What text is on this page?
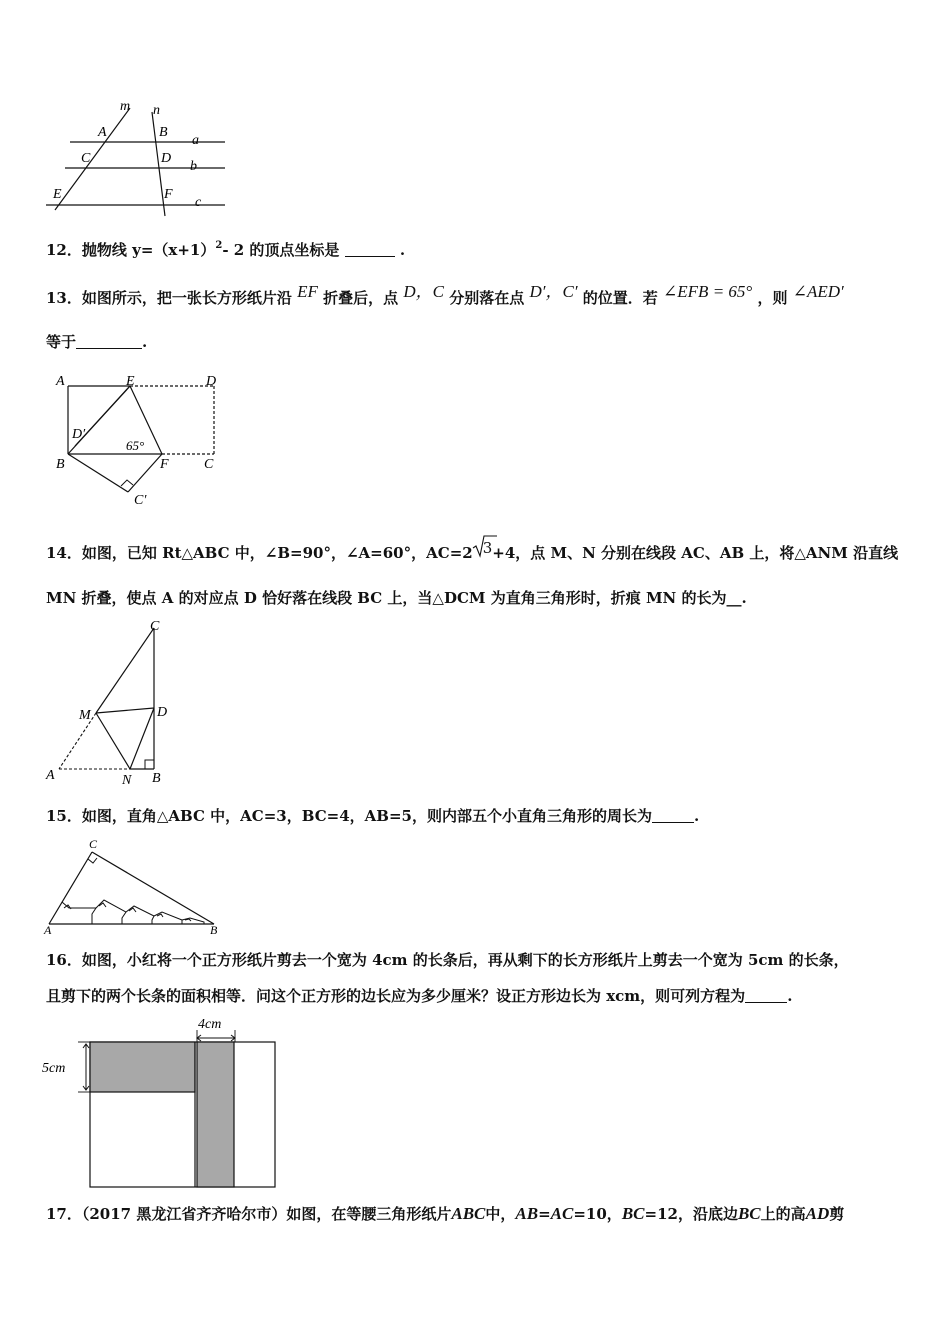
m n
A	B
a
C	D
b
E	F
c
12．抛物线 $y=(x+1)^2-$ 2 的顶点坐标是	.
13．如图所示，把一张长方形纸片沿 EF 折叠后，点 D，C 分别落在点 D′，C′ 的位置．若 ∠EFB = 65° ，则 ∠AED′
等于	.
A	E	D
D′
65°
B	F	C
C′
14．如图，已知 Rt△ABC 中，∠B=90°，∠A=60°，AC=2 3+4，点 M、N 分别在线段 AC、AB 上，将△ANM 沿直线
MN 折叠，使点 A 的对应点 D 恰好落在线段 BC 上，当△DCM 为直角三角形时，折痕 MN 的长为__.
C
M	D
A	N B
15．如图，直角△ABC 中，AC=3，BC=4，AB=5，则内部五个小直角三角形的周长为	.
C
A	B
16．如图，小红将一个正方形纸片剪去一个宽为 4cm 的长条后，再从剩下的长方形纸片上剪去一个宽为 5cm 的长条，
且剪下的两个长条的面积相等．问这个正方形的边长应为多少厘米？设正方形边长为 xcm，则可列方程为	.
4cm
5cm
17．（2017 黑龙江省齐齐哈尔市）如图，在等腰三角形纸片ABC中，AB=AC=10，BC=12，沿底边BC上的高AD剪
